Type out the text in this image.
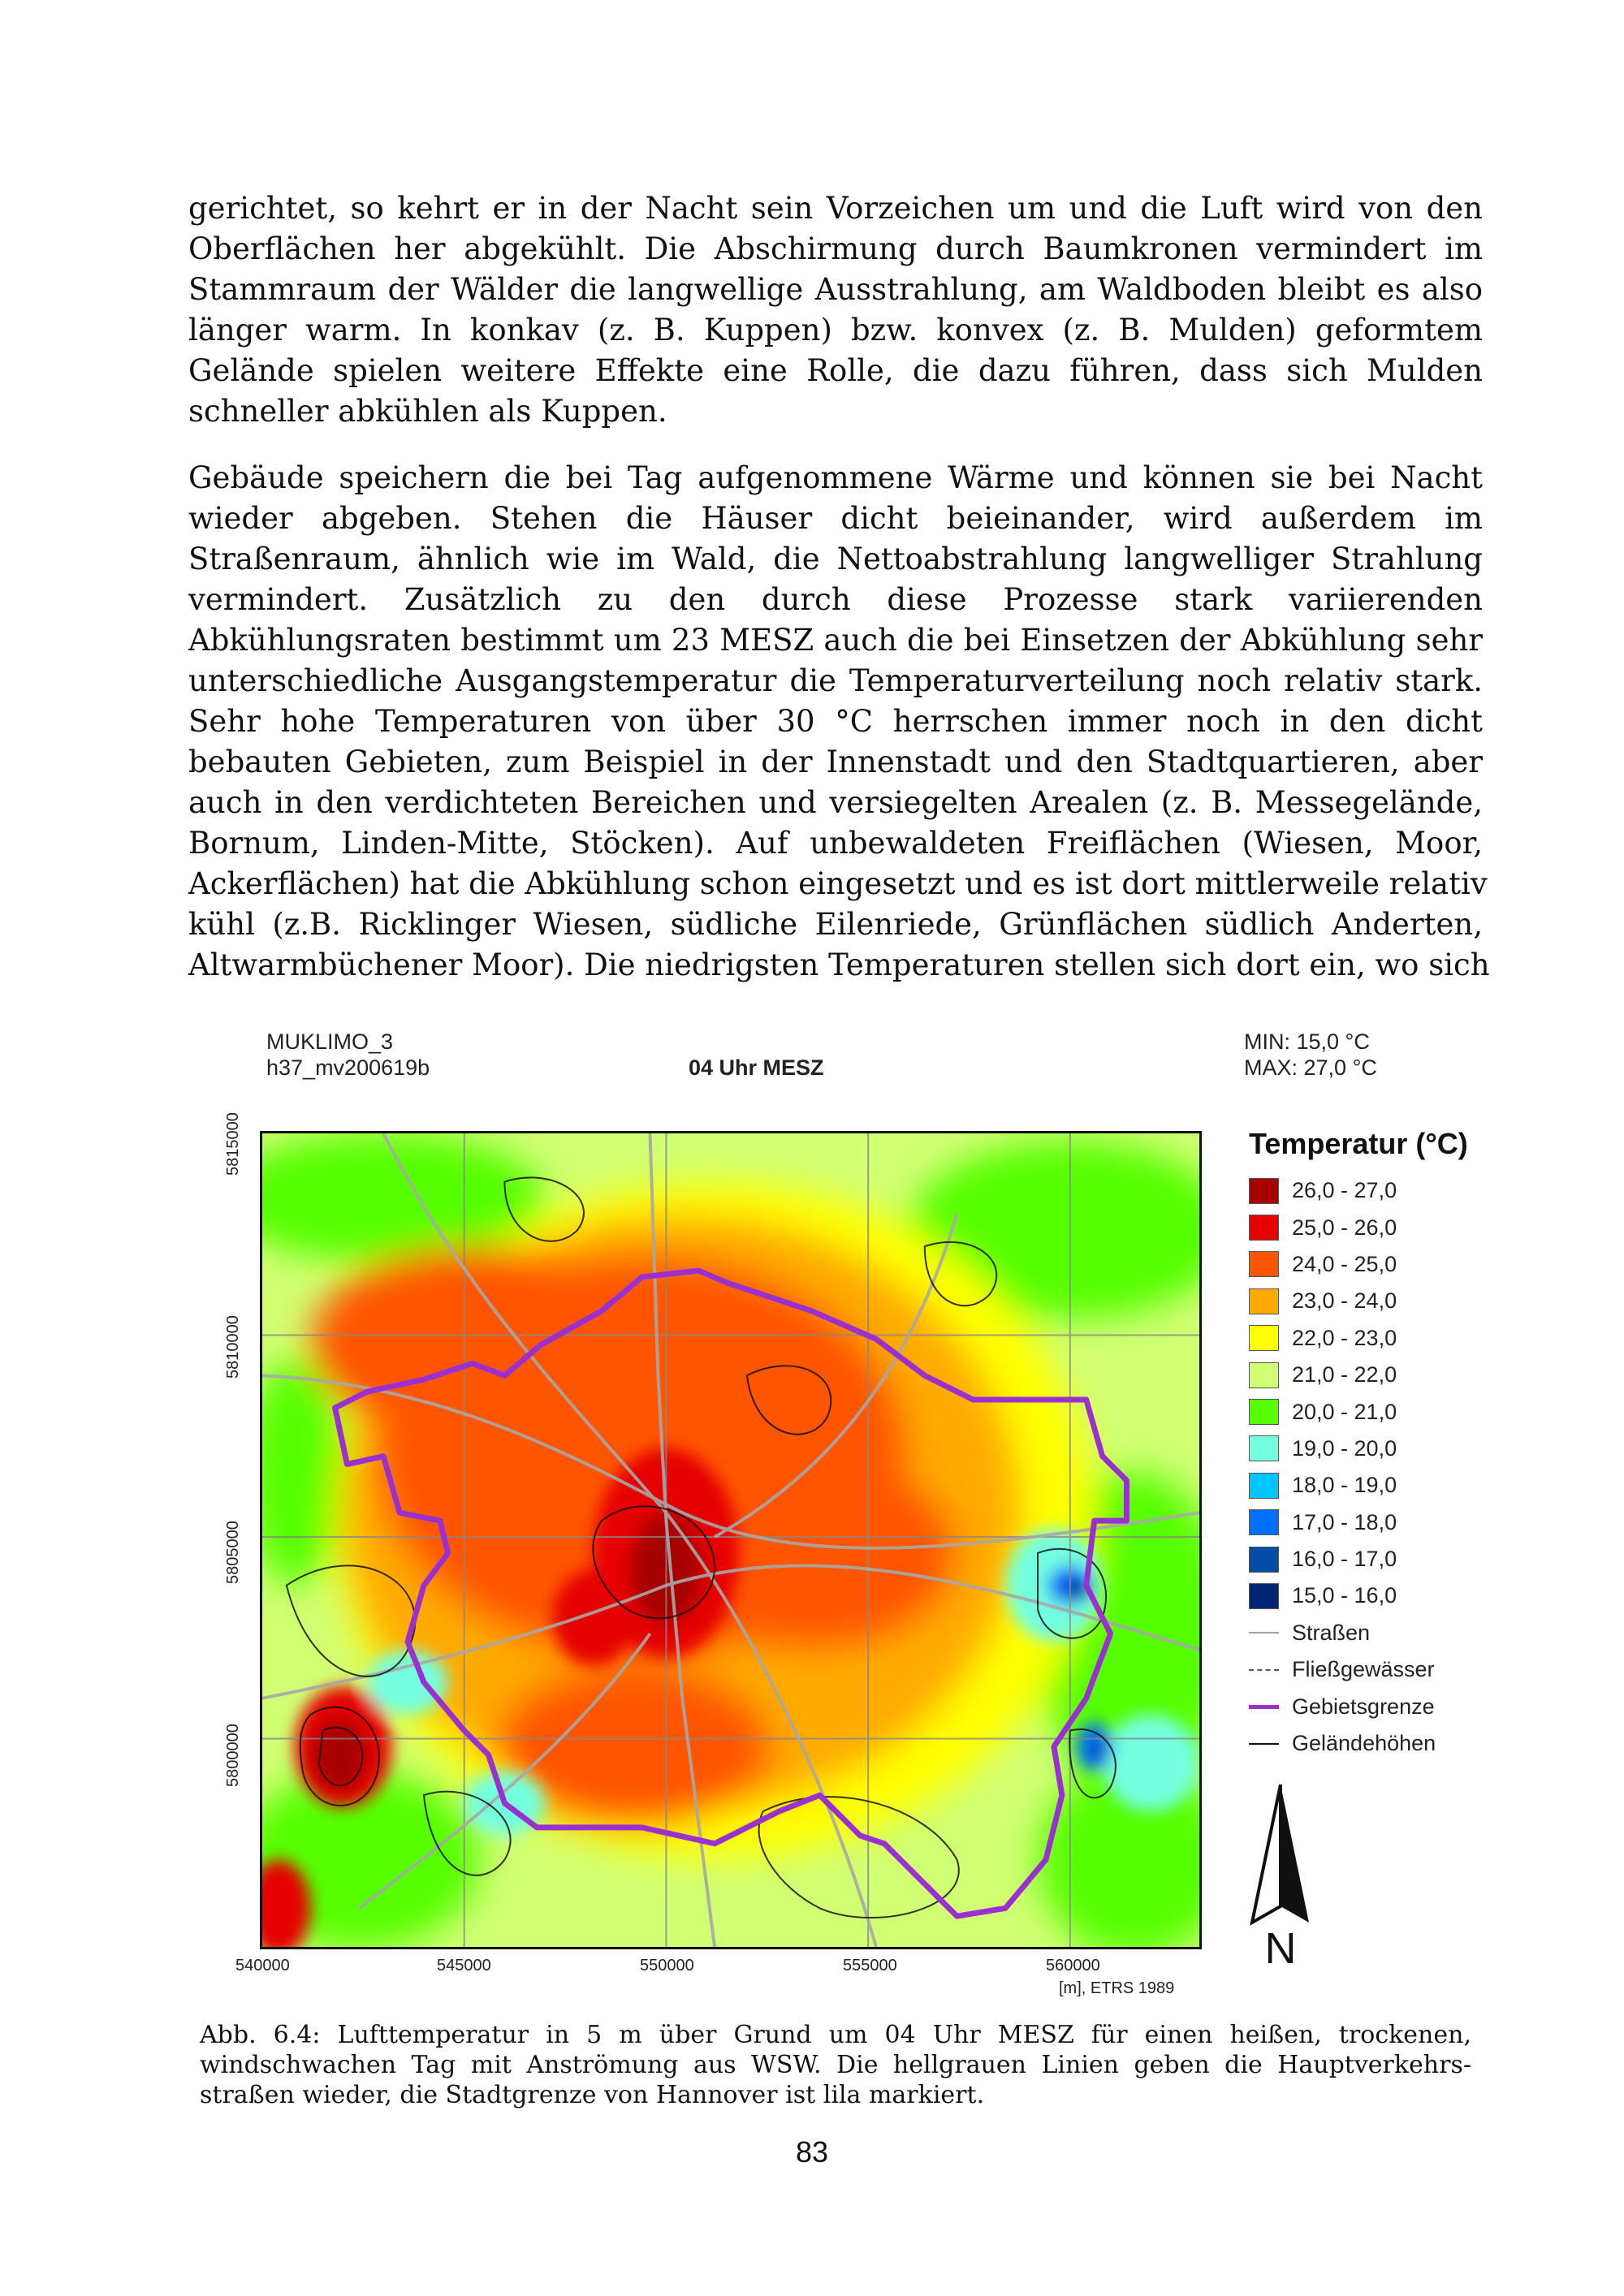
gerichtet, so kehrt er in der Nacht sein Vorzeichen um und die Luft wird von den
Oberflächen her abgekühlt. Die Abschirmung durch Baumkronen vermindert im
Stammraum der Wälder die langwellige Ausstrahlung, am Waldboden bleibt es also
länger warm. In konkav (z. B. Kuppen) bzw. konvex (z. B. Mulden) geformtem
Gelände spielen weitere Effekte eine Rolle, die dazu führen, dass sich Mulden
schneller abkühlen als Kuppen.
Gebäude speichern die bei Tag aufgenommene Wärme und können sie bei Nacht
wieder abgeben. Stehen die Häuser dicht beieinander, wird außerdem im
Straßenraum, ähnlich wie im Wald, die Nettoabstrahlung langwelliger Strahlung
vermindert. Zusätzlich zu den durch diese Prozesse stark variierenden
Abkühlungsraten bestimmt um 23 MESZ auch die bei Einsetzen der Abkühlung sehr
unterschiedliche Ausgangstemperatur die Temperaturverteilung noch relativ stark.
Sehr hohe Temperaturen von über 30 °C herrschen immer noch in den dicht
bebauten Gebieten, zum Beispiel in der Innenstadt und den Stadtquartieren, aber
auch in den verdichteten Bereichen und versiegelten Arealen (z. B. Messegelände,
Bornum, Linden-Mitte, Stöcken). Auf unbewaldeten Freiflächen (Wiesen, Moor,
Ackerflächen) hat die Abkühlung schon eingesetzt und es ist dort mittlerweile relativ
kühl (z.B. Ricklinger Wiesen, südliche Eilenriede, Grünflächen südlich Anderten,
Altwarmbüchener Moor). Die niedrigsten Temperaturen stellen sich dort ein, wo sich
MUKLIMO_3
h37_mv200619b	04 Uhr MESZ
MIN: 15,0 °C
MAX: 27,0 °C
5815000
5810000
5805000
5800000
540000	545000	550000	555000	560000
[m], ETRS 1989
Temperatur (°C)
26,0 - 27,0
25,0 - 26,0
24,0 - 25,0
23,0 - 24,0
22,0 - 23,0
21,0 - 22,0
20,0 - 21,0
19,0 - 20,0
18,0 - 19,0
17,0 - 18,0
16,0 - 17,0
15,0 - 16,0
Straßen
Fließgewässer
Gebietsgrenze
Geländehöhen
N
Abb. 6.4: Lufttemperatur in 5 m über Grund um 04 Uhr MESZ für einen heißen, trockenen,
windschwachen Tag mit Anströmung aus WSW. Die hellgrauen Linien geben die Hauptverkehrs-
straßen wieder, die Stadtgrenze von Hannover ist lila markiert.
83
